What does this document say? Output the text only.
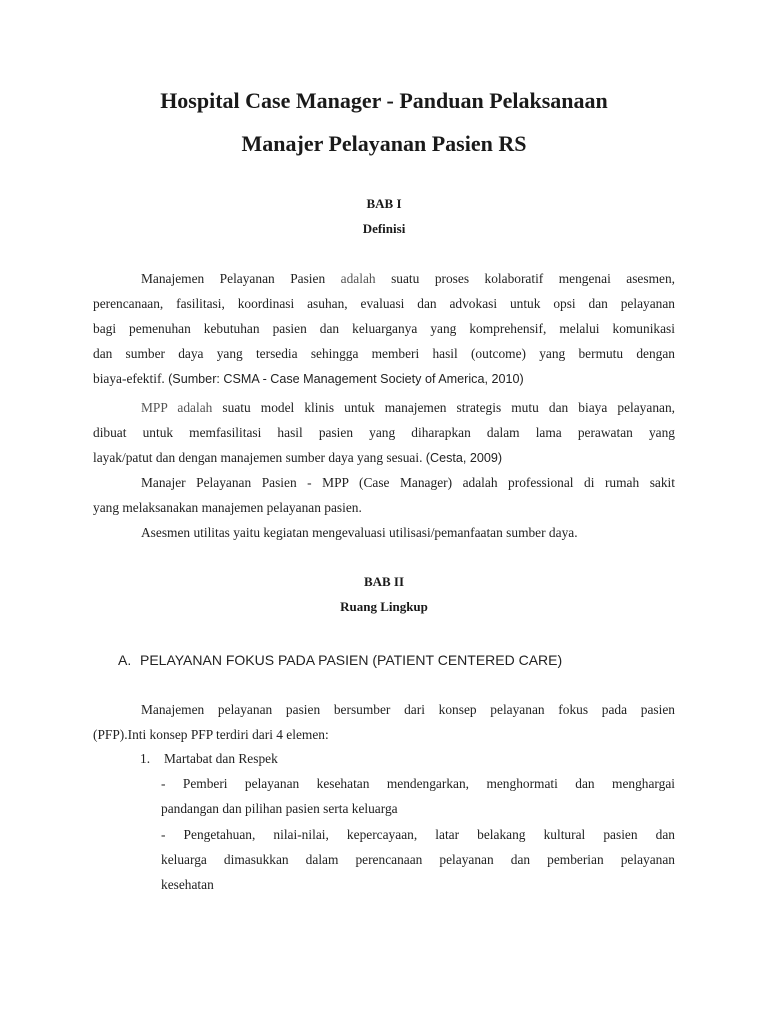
Hospital Case Manager - Panduan Pelaksanaan
Manajer Pelayanan Pasien RS
BAB I
Definisi
Manajemen Pelayanan Pasien adalah suatu proses kolaboratif mengenai asesmen,
perencanaan, fasilitasi, koordinasi asuhan, evaluasi dan advokasi untuk opsi dan pelayanan
bagi pemenuhan kebutuhan pasien dan keluarganya yang komprehensif, melalui komunikasi
dan sumber daya yang tersedia sehingga memberi hasil (outcome) yang bermutu dengan
biaya-efektif. (Sumber: CSMA - Case Management Society of America, 2010)
MPP adalah suatu model klinis untuk manajemen strategis mutu dan biaya pelayanan,
dibuat untuk memfasilitasi hasil pasien yang diharapkan dalam lama perawatan yang
layak/patut dan dengan manajemen sumber daya yang sesuai. (Cesta, 2009)
Manajer Pelayanan Pasien - MPP (Case Manager) adalah professional di rumah sakit
yang melaksanakan manajemen pelayanan pasien.
Asesmen utilitas yaitu kegiatan mengevaluasi utilisasi/pemanfaatan sumber daya.
BAB II
Ruang Lingkup
A. PELAYANAN FOKUS PADA PASIEN (PATIENT CENTERED CARE)
Manajemen pelayanan pasien bersumber dari konsep pelayanan fokus pada pasien
(PFP).Inti konsep PFP terdiri dari 4 elemen:
1. Martabat dan Respek
- Pemberi pelayanan kesehatan mendengarkan, menghormati dan menghargai
pandangan dan pilihan pasien serta keluarga
- Pengetahuan, nilai-nilai, kepercayaan, latar belakang kultural pasien dan
keluarga dimasukkan dalam perencanaan pelayanan dan pemberian pelayanan
kesehatan
